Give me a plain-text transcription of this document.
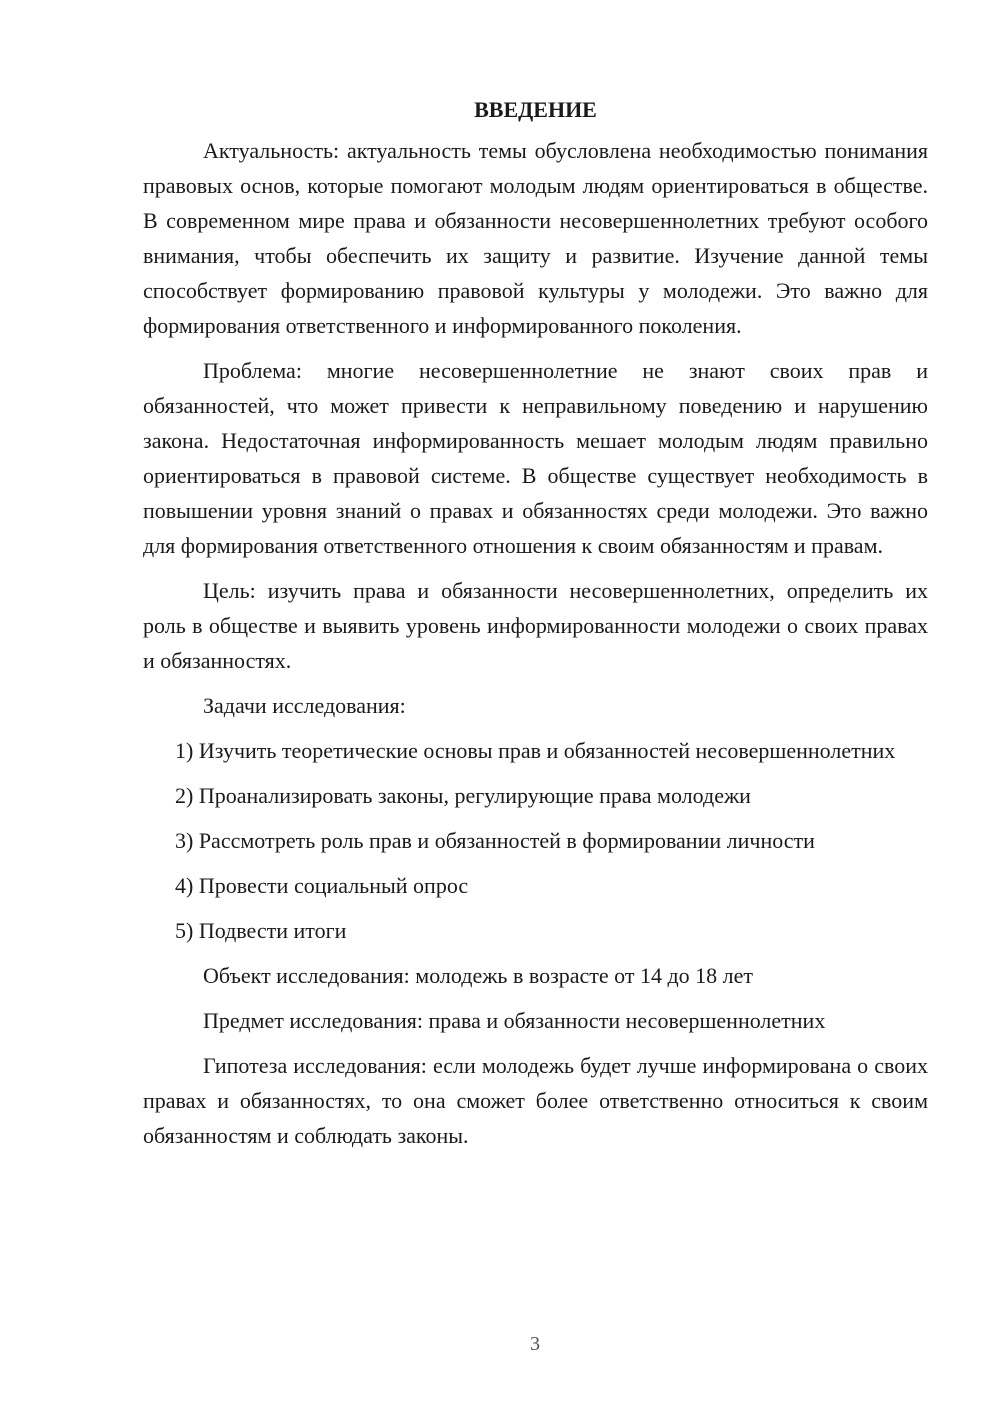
ВВЕДЕНИЕ

Актуальность: актуальность темы обусловлена необходимостью понимания правовых основ, которые помогают молодым людям ориентироваться в обществе. В современном мире права и обязанности несовершеннолетних требуют особого внимания, чтобы обеспечить их защиту и развитие. Изучение данной темы способствует формированию правовой культуры у молодежи. Это важно для формирования ответственного и информированного поколения.

Проблема: многие несовершеннолетние не знают своих прав и обязанностей, что может привести к неправильному поведению и нарушению закона. Недостаточная информированность мешает молодым людям правильно ориентироваться в правовой системе. В обществе существует необходимость в повышении уровня знаний о правах и обязанностях среди молодежи. Это важно для формирования ответственного отношения к своим обязанностям и правам.

Цель: изучить права и обязанности несовершеннолетних, определить их роль в обществе и выявить уровень информированности молодежи о своих правах и обязанностях.

Задачи исследования:

1) Изучить теоретические основы прав и обязанностей несовершеннолетних

2) Проанализировать законы, регулирующие права молодежи

3) Рассмотреть роль прав и обязанностей в формировании личности

4) Провести социальный опрос

5) Подвести итоги

Объект исследования: молодежь в возрасте от 14 до 18 лет

Предмет исследования: права и обязанности несовершеннолетних

Гипотеза исследования: если молодежь будет лучше информирована о своих правах и обязанностях, то она сможет более ответственно относиться к своим обязанностям и соблюдать законы.

3
